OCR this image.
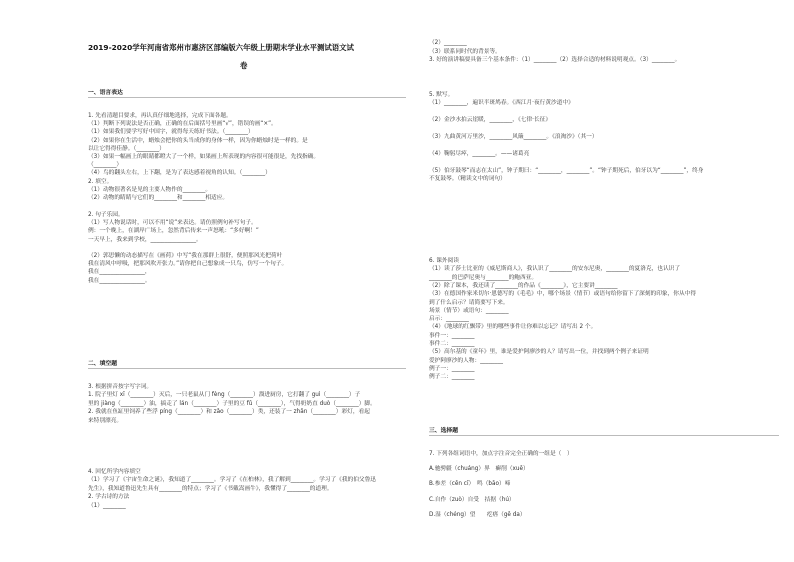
2019-2020学年河南省郑州市惠济区部编版六年级上册期末学业水平测试语文试
卷
一、语言表达
1. 先看清题目要求，再认真仔细地选择，完成下面各题。
（1）判断下列说法是否正确，正确的在后面括号里画“√”，错误的画“×”。
（1）如果我们要学写好中国字，就得每天练好书法。（________）
（2）如果你在生活中，蜡烛会把你的头当成你的身体一样，因为你蜡烛时是一样的。是
以让它得得佳静。（________）
（3）如果一幅画上的眼睛都瞪大了一个样，如果画上所表现的内容很可能很是，先找指确。
（________）
（4）鸟的翻头左右，上下翻，是为了表达感着视角的认知。（________）
2. 填空。
（1）动物很著名是见的主要人物作的________。
（2）动物的睛睛与它们的________和________相适应。
2. 句子乐园。
（1）写人物说话时，可以不用“说”来表达。请仿照例句补写句子。
例：一个晚上，在湖岸广场上，忽然背后传来一声怒吼：“多好啊！”
一天早上，我来到学校，________________。
（2）郭思懒的动态描写在《画荷》中写“我在那群上很舒，便照那风光把荷叶
我在清风中呼吸，把那风吹开张力。”请你把自己想象成一只鸟，仿写一个句子。
我在________________，
我在________________。
二、填空题
3. 根据拼音按字写字词。
1. 院子里灯 xī（________）灭后，一只老鼠从门 fèng（________）溜进厨房，它打翻了 guì（________）子
里的 jiàng（________）油，搞走了 lán（________）子里的豆 fǔ（________），气得奶奶直 duò（________）脚。
2. 我就在鱼缸里饲养了些浮 píng（________）和 zǎo（________）类，还装了一 zhǎn（________）彩灯，看起
来特别漂亮。
4. 回忆所学内容填空
（1）学习了《宇宙生命之谜》，我知道了________。学习了《在柏林》，我了解到________。学习了《我的伯父鲁迅
先生》，我知道鲁迅先生具有________的特点；学习了《书戴嵩画牛》，我懂得了________的道理。
2. 学古诗的方法
（1）________
（2）________
（3）联系同时代的背景等。
3. 好的演讲稿要具备三个基本条件：（1）________（2）选择合适的材料说明观点。（3）________。
5. 默写。
（1）________，遍识半斑鸠春。《西江月·夜行黄沙道中》
（2）金沙水拍云崖暖，________，《七律·长征》
（3）九曲黄河万里沙，________风簸________。《浪淘沙》（其一）
（4）鞠躬尽瘁，________。——诸葛亮
（5）伯牙鼓琴“而志在太山”，钟子期曰：“________，________”。“钟子期死后，伯牙以为“________”，终身
不复鼓琴。（精读文中的词句）
6. 课外阅读
（1）读了莎士比亚的《威尼斯商人》，我认识了________的安东尼奥，________的夏洛克，也认识了
________的巴萨尼奥与________的鲍西亚。
（2）除了课本，我还读了________的作品《________》，它主要讲________
（3）在德国作家米切尔·恩德写的《毛毛》中，哪个场景（情节）或语句给你留下了深刻的印象，你从中得
到了什么启示？请简要写下来。
场景（情节）或语句：________
启示：________
（4）《地球的红飘带》里的哪些事件让你难以忘记？请写出 2 个。
事件一：________
事件二：________
（5）高尔基的《童年》里，谁是爱护阿廖沙的人？请写出一位，并找到两个例子来证明
爱护阿廖沙的人物：________
例子一：________
例子二：________
三、选择题
7. 下列各组词语中，加点字注音完全正确的一组是（　）
A.驰骋疆（chuáng）界　癣削（xuē）
B.参差（cēn cī）　鸣（bāo）啼
C.自作（zuò）自受　拮据（hú）
D.湿（chéng）望　　疙瘩（gē da）
